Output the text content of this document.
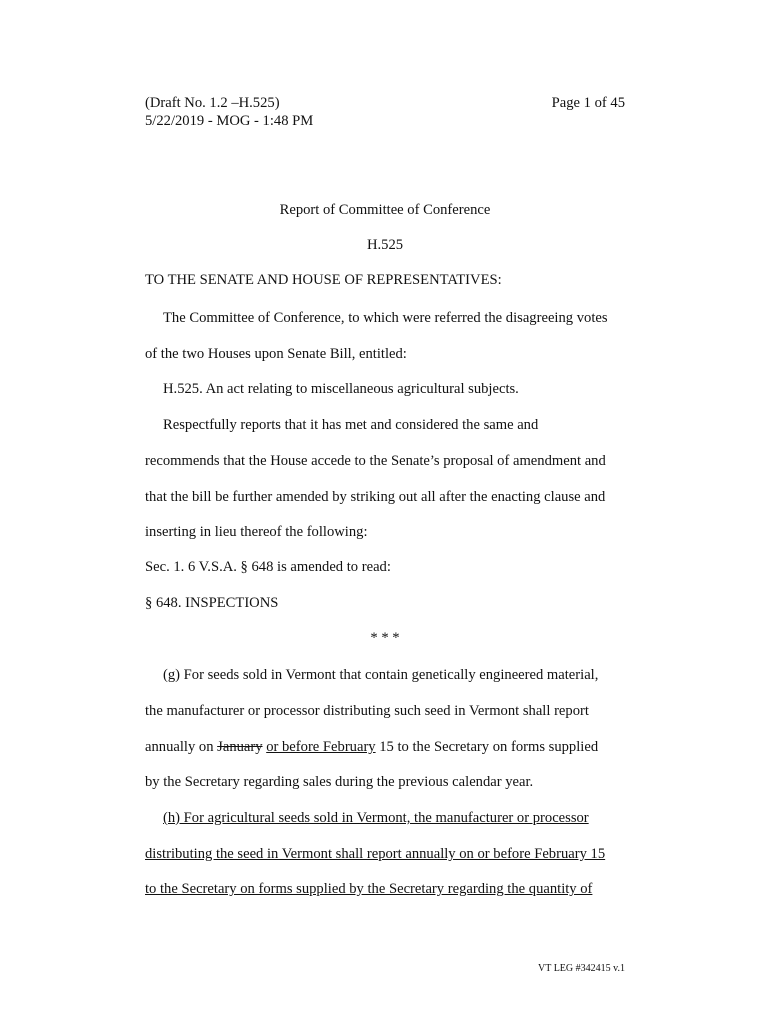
(Draft No. 1.2 –H.525)
5/22/2019 - MOG - 1:48 PM
Page 1 of 45
Report of Committee of Conference
H.525
TO THE SENATE AND HOUSE OF REPRESENTATIVES:
The Committee of Conference, to which were referred the disagreeing votes
of the two Houses upon Senate Bill, entitled:
H.525. An act relating to miscellaneous agricultural subjects.
Respectfully reports that it has met and considered the same and
recommends that the House accede to the Senate’s proposal of amendment and
that the bill be further amended by striking out all after the enacting clause and
inserting in lieu thereof the following:
Sec. 1. 6 V.S.A. § 648 is amended to read:
§ 648. INSPECTIONS
* * *
(g) For seeds sold in Vermont that contain genetically engineered material,
the manufacturer or processor distributing such seed in Vermont shall report
annually on January or before February 15 to the Secretary on forms supplied
by the Secretary regarding sales during the previous calendar year.
(h) For agricultural seeds sold in Vermont, the manufacturer or processor
distributing the seed in Vermont shall report annually on or before February 15
to the Secretary on forms supplied by the Secretary regarding the quantity of
VT LEG #342415 v.1
